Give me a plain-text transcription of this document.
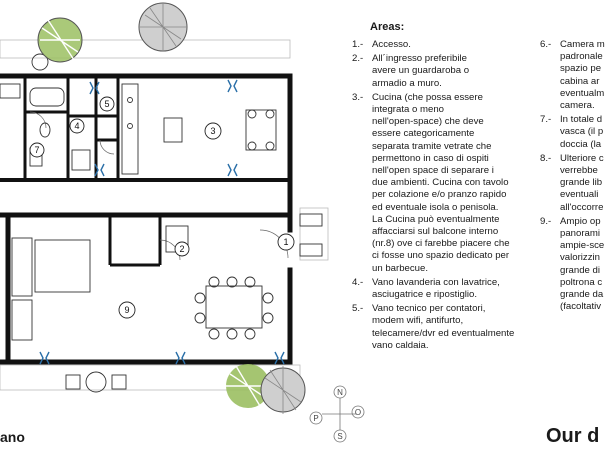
N
P
S
O
1
2
3
4
5
7
9
Areas:
1.- Accesso.
2.- All´ingresso preferibile
avere un guardaroba o
armadio a muro.
3.- Cucina (che possa essere
integrata o meno
nell'open-space) che deve
essere categoricamente
separata tramite vetrate che
permettono in caso di ospiti
nell'open space di separare i
due ambienti. Cucina con tavolo
per colazione e/o pranzo rapido
ed eventuale isola o penisola.
La Cucina può eventualmente
affacciarsi sul balcone interno
(nr.8) ove ci farebbe piacere che
ci fosse uno spazio dedicato per
un barbecue.
4.- Vano lavanderia con lavatrice,
asciugatrice e ripostiglio.
5.- Vano tecnico per contatori,
modem wifi, antifurto,
telecamere/dvr ed eventualmente
vano caldaia.
6.- Camera m
padronale
spazio pe
cabina ar
eventualm
camera.
7.- In totale d
vasca (il p
doccia (la
8.- Ulteriore c
verrebbe
grande lib
eventuali
all'occorre
9.- Ampio op
panorami
ampie-sce
valorizzin
grande di
poltrona c
grande da
(facoltativ
ano	Our d
